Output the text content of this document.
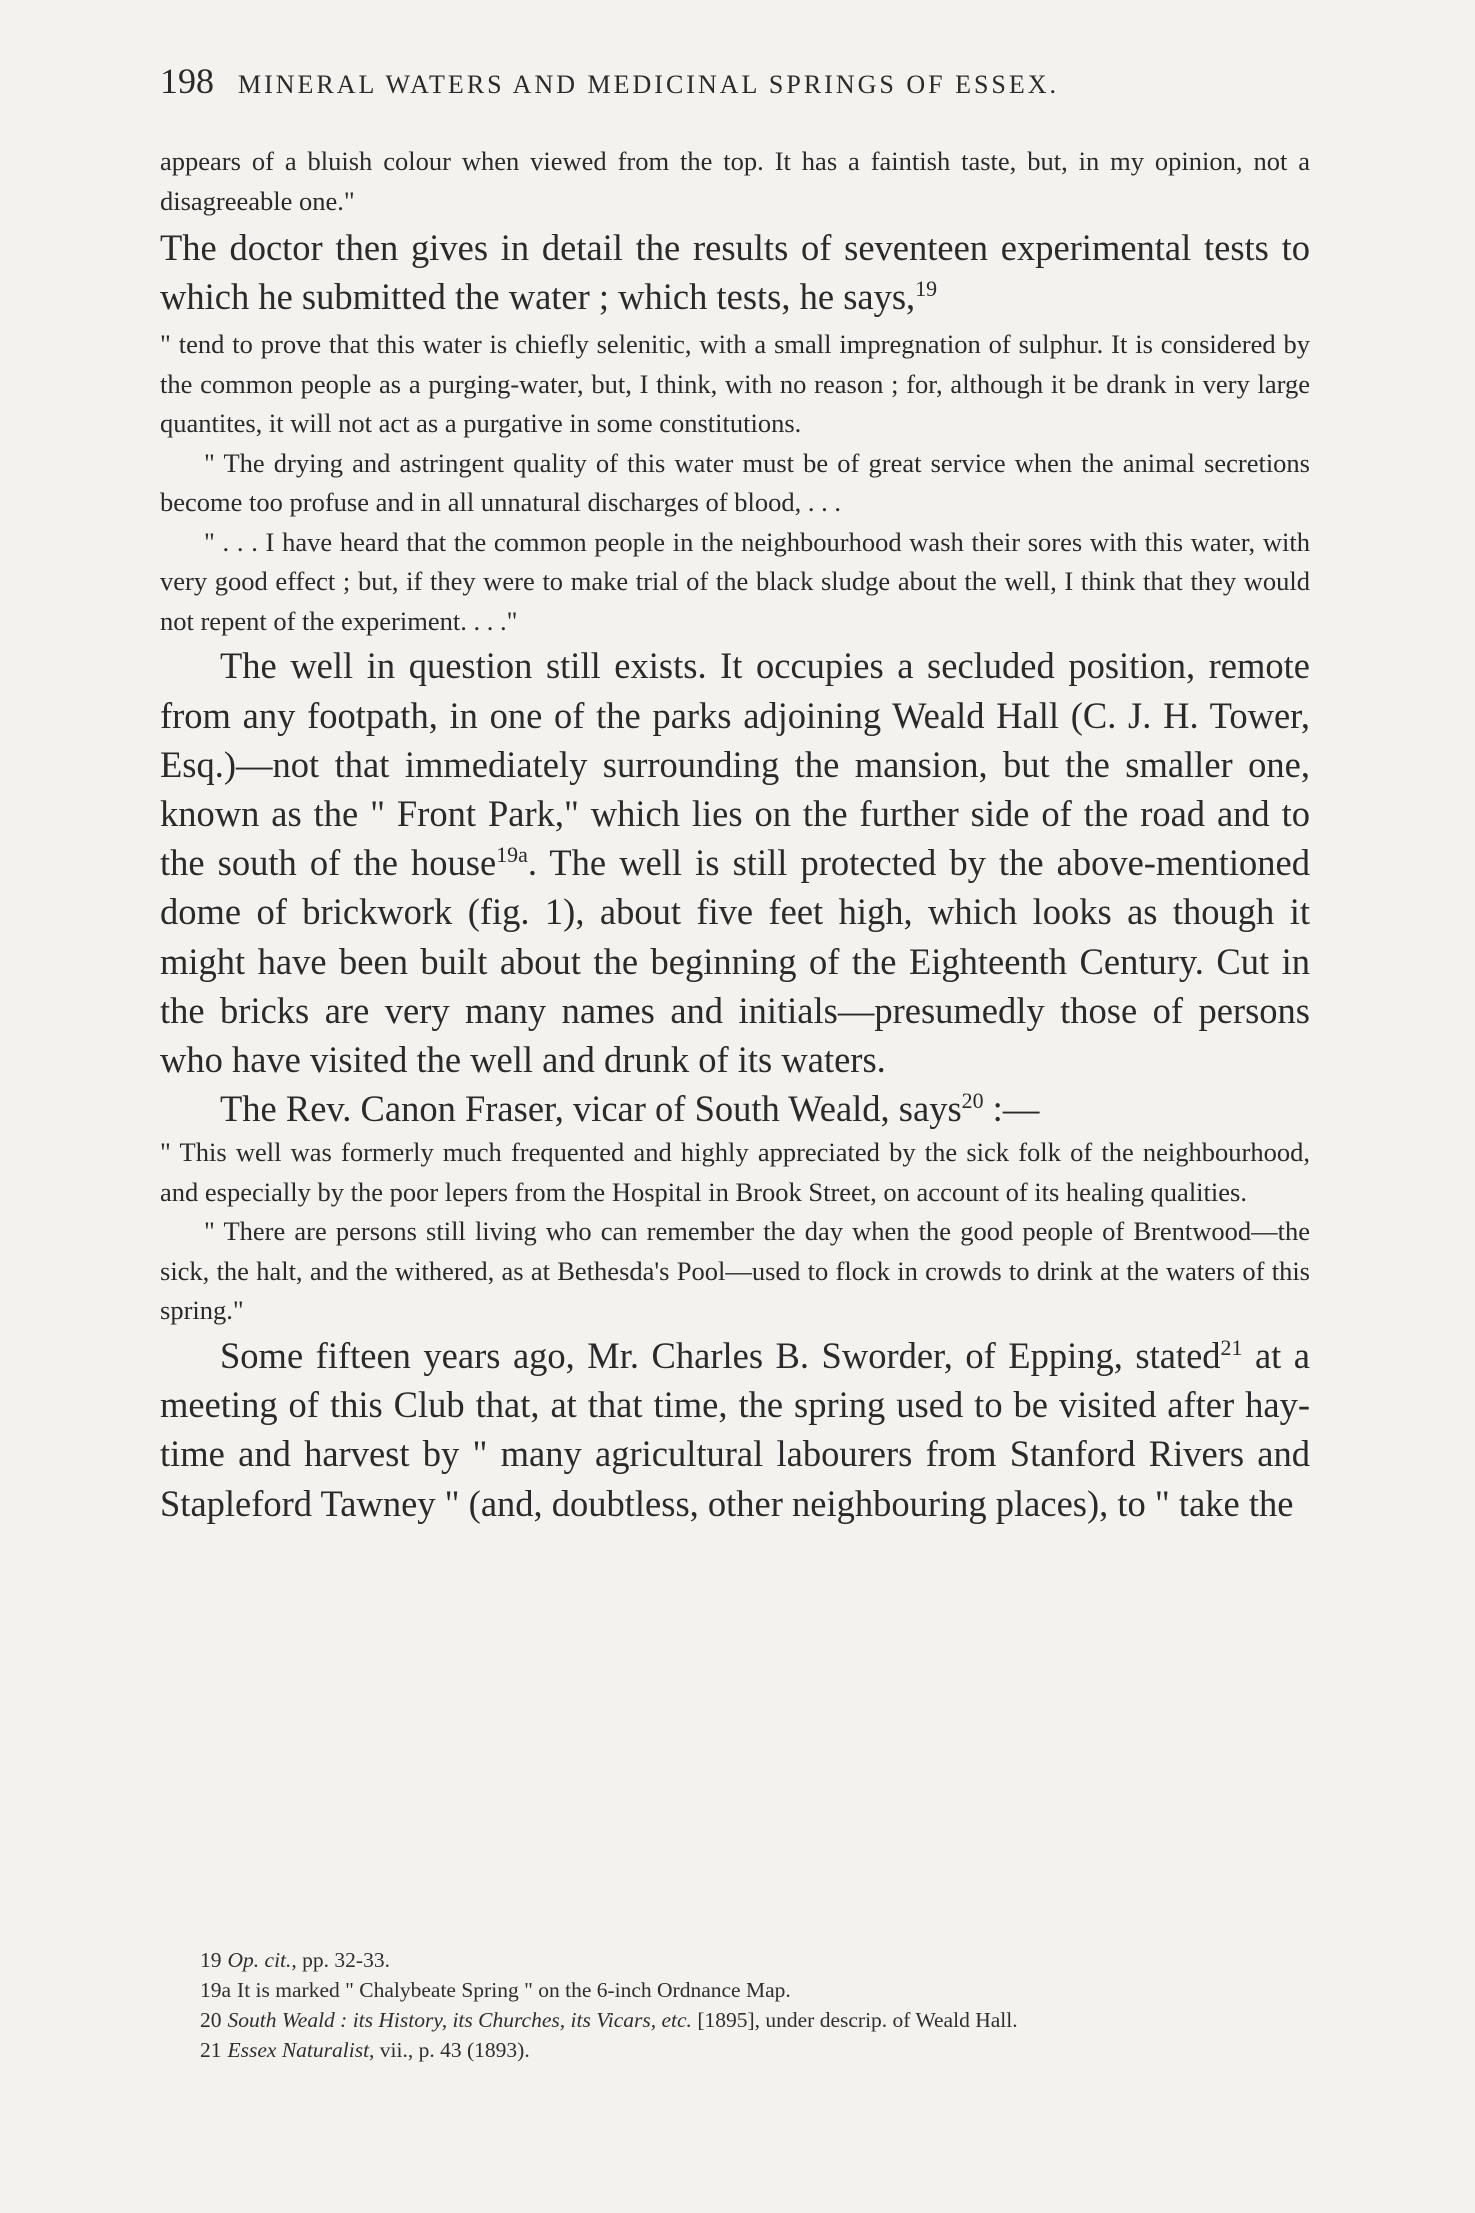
198 MINERAL WATERS AND MEDICINAL SPRINGS OF ESSEX.

appears of a bluish colour when viewed from the top. It has a faintish taste, but, in my opinion, not a disagreeable one."

The doctor then gives in detail the results of seventeen experimental tests to which he submitted the water ; which tests, he says,$^{19}$

" tend to prove that this water is chiefly selenitic, with a small impregnation of sulphur. It is considered by the common people as a purging-water, but, I think, with no reason ; for, although it be drank in very large quantites, it will not act as a purgative in some constitutions.

" The drying and astringent quality of this water must be of great service when the animal secretions become too profuse and in all unnatural discharges of blood, . . .

" . . . I have heard that the common people in the neighbourhood wash their sores with this water, with very good effect ; but, if they were to make trial of the black sludge about the well, I think that they would not repent of the experiment. . . ."

The well in question still exists. It occupies a secluded position, remote from any footpath, in one of the parks adjoining Weald Hall (C. J. H. Tower, Esq.)—not that immediately surrounding the mansion, but the smaller one, known as the " Front Park," which lies on the further side of the road and to the south of the house$^{19a}$. The well is still protected by the above-mentioned dome of brickwork (fig. 1), about five feet high, which looks as though it might have been built about the beginning of the Eighteenth Century. Cut in the bricks are very many names and initials—presumedly those of persons who have visited the well and drunk of its waters.

The Rev. Canon Fraser, vicar of South Weald, says$^{20}$ :—

" This well was formerly much frequented and highly appreciated by the sick folk of the neighbourhood, and especially by the poor lepers from the Hospital in Brook Street, on account of its healing qualities.

" There are persons still living who can remember the day when the good people of Brentwood—the sick, the halt, and the withered, as at Bethesda's Pool—used to flock in crowds to drink at the waters of this spring."

Some fifteen years ago, Mr. Charles B. Sworder, of Epping, stated$^{21}$ at a meeting of this Club that, at that time, the spring used to be visited after hay-time and harvest by " many agricultural labourers from Stanford Rivers and Stapleford Tawney " (and, doubtless, other neighbouring places), to " take the

19 Op. cit., pp. 32-33.

19a It is marked " Chalybeate Spring " on the 6-inch Ordnance Map.

20 South Weald : its History, its Churches, its Vicars, etc. [1895], under descrip. of Weald Hall.

21 Essex Naturalist, vii., p. 43 (1893).
